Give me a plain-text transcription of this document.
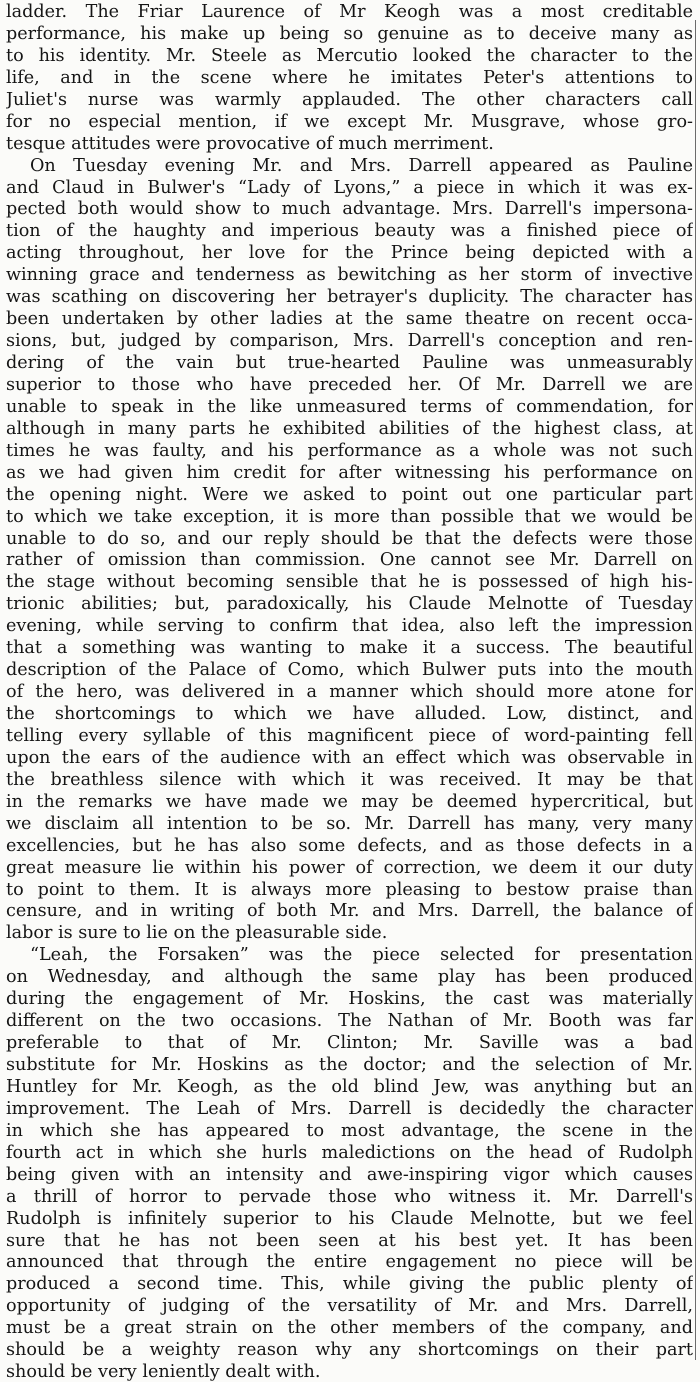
ladder. The Friar Laurence of Mr Keogh was a most creditable
performance, his make up being so genuine as to deceive many as
to his identity. Mr. Steele as Mercutio looked the character to the
life, and in the scene where he imitates Peter's attentions to
Juliet's nurse was warmly applauded. The other characters call
for no especial mention, if we except Mr. Musgrave, whose gro-
tesque attitudes were provocative of much merriment.

On Tuesday evening Mr. and Mrs. Darrell appeared as Pauline
and Claud in Bulwer's “Lady of Lyons,” a piece in which it was ex-
pected both would show to much advantage. Mrs. Darrell's impersona-
tion of the haughty and imperious beauty was a finished piece of
acting throughout, her love for the Prince being depicted with a
winning grace and tenderness as bewitching as her storm of invective
was scathing on discovering her betrayer's duplicity. The character has
been undertaken by other ladies at the same theatre on recent occa-
sions, but, judged by comparison, Mrs. Darrell's conception and ren-
dering of the vain but true-hearted Pauline was unmeasurably
superior to those who have preceded her. Of Mr. Darrell we are
unable to speak in the like unmeasured terms of commendation, for
although in many parts he exhibited abilities of the highest class, at
times he was faulty, and his performance as a whole was not such
as we had given him credit for after witnessing his performance on
the opening night. Were we asked to point out one particular part
to which we take exception, it is more than possible that we would be
unable to do so, and our reply should be that the defects were those
rather of omission than commission. One cannot see Mr. Darrell on
the stage without becoming sensible that he is possessed of high his-
trionic abilities; but, paradoxically, his Claude Melnotte of Tuesday
evening, while serving to confirm that idea, also left the impression
that a something was wanting to make it a success. The beautiful
description of the Palace of Como, which Bulwer puts into the mouth
of the hero, was delivered in a manner which should more atone for
the shortcomings to which we have alluded. Low, distinct, and
telling every syllable of this magnificent piece of word-painting fell
upon the ears of the audience with an effect which was observable in
the breathless silence with which it was received. It may be that
in the remarks we have made we may be deemed hypercritical, but
we disclaim all intention to be so. Mr. Darrell has many, very many
excellencies, but he has also some defects, and as those defects in a
great measure lie within his power of correction, we deem it our duty
to point to them. It is always more pleasing to bestow praise than
censure, and in writing of both Mr. and Mrs. Darrell, the balance of
labor is sure to lie on the pleasurable side.

“Leah, the Forsaken” was the piece selected for presentation
on Wednesday, and although the same play has been produced
during the engagement of Mr. Hoskins, the cast was materially
different on the two occasions. The Nathan of Mr. Booth was far
preferable to that of Mr. Clinton; Mr. Saville was a bad
substitute for Mr. Hoskins as the doctor; and the selection of Mr.
Huntley for Mr. Keogh, as the old blind Jew, was anything but an
improvement. The Leah of Mrs. Darrell is decidedly the character
in which she has appeared to most advantage, the scene in the
fourth act in which she hurls maledictions on the head of Rudolph
being given with an intensity and awe-inspiring vigor which causes
a thrill of horror to pervade those who witness it. Mr. Darrell's
Rudolph is infinitely superior to his Claude Melnotte, but we feel
sure that he has not been seen at his best yet. It has been
announced that through the entire engagement no piece will be
produced a second time. This, while giving the public plenty of
opportunity of judging of the versatility of Mr. and Mrs. Darrell,
must be a great strain on the other members of the company, and
should be a weighty reason why any shortcomings on their part
should be very leniently dealt with.
